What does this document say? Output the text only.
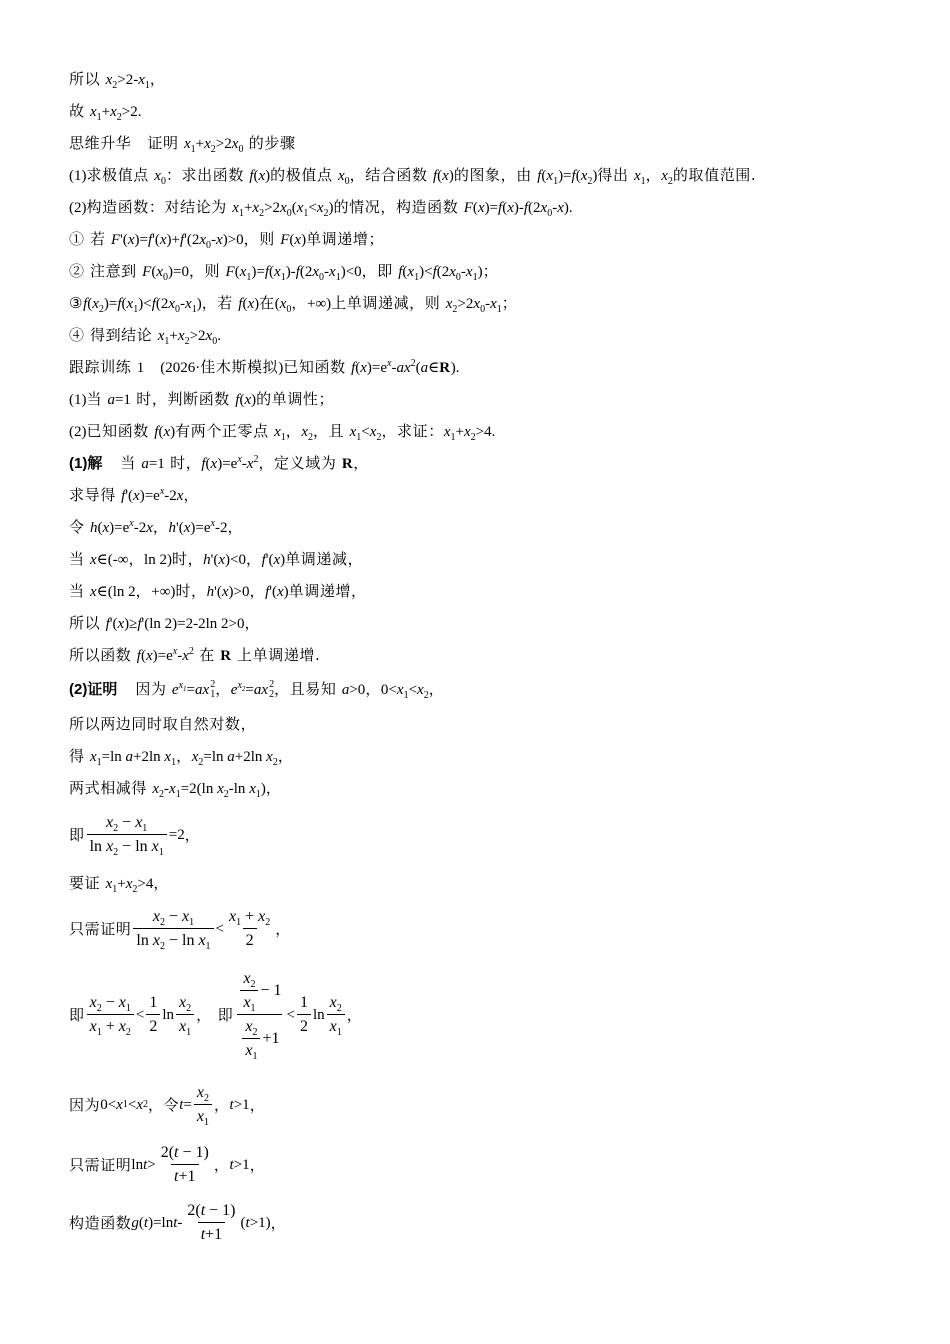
所以 $x_2>2-x_1$，
故 $x_1+x_2>2$.
思维升华 证明 $x_1+x_2>2x_0$ 的步骤
(1)求极值点 $x_0$：求出函数 f(x)的极值点 $x_0$，结合函数 f(x)的图象，由 $f(x_1)=f(x_2)$得出 $x_1$，$x_2$的取值范围.
(2)构造函数：对结论为 $x_1+x_2>2x_0(x_1<x_2)$的情况，构造函数 $F(x)=f(x)-f(2x_0-x)$.
① 若 $F'(x)=f'(x)+f'(2x_0-x)>0$，则 F(x)单调递增；
② 注意到 $F(x_0)=0$，则 $F(x_1)=f(x_1)-f(2x_0-x_1)<0$，即 $f(x_1)<f(2x_0-x_1)$；
$③f(x_2)=f(x_1)<f(2x_0-x_1)$，若 f(x)在($x_0$，+∞)上单调递减，则 $x_2>2x_0-x_1$；
④ 得到结论 $x_1+x_2>2x_0$.
跟踪训练 1 (2026·佳木斯模拟)已知函数 $f(x)=e^x-ax^2(a\in R)$.
(1)当 a=1 时，判断函数 f(x)的单调性；
(2)已知函数 f(x)有两个正零点 $x_1$，$x_2$，且 $x_1<x_2$，求证：$x_1+x_2>4$.
(1)解 当 a=1 时，$f(x)=e^x-x^2$，定义域为 R，
求导得 $f'(x)=e^x-2x$，
令 $h(x)=e^x-2x$，$h'(x)=e^x-2$，
当 x∈(-∞，ln 2)时，h'(x)<0，f'(x)单调递减，
当 x∈(ln 2，+∞)时，h'(x)>0，f'(x)单调递增，
所以 f'(x)≥f'(ln 2)=2-2ln 2>0，
所以函数 $f(x)=e^x-x^2$ 在 R 上单调递增.
(2)证明 因为 $e^{x_1}=ax$ 2
1 ，$e^{x_2}=ax$ 2
2 ，且易知 a>0，$0<x_1<x_2$，
所以两边同时取自然对数，
得 $x_1=\ln$ a+2ln $x_1$，$x_2=\ln$ a+2ln $x_2$，
两式相减得 $x_2-x_1=2(\ln$ $x_2-\ln$ $x_1$)，
即 $\frac{x_2 - x_1}{\ln x_2 - \ln x_1} =2$ ，
要证 $x_1+x_2>4$，
只需证明 $\frac{x_2 - x_1}{\ln x_2 - \ln x_1} < \frac{x_1 + x_2}{2}$ ，
即 $\frac{x_2 - x_1}{x_1 + x_2} < \frac{1}{2}$ $\ln \frac{x_2}{x_1}$ ， 即 $\frac{\frac{x_2}{x_1} - 1}{\frac{x_2}{x_1} +1} < \frac{1}{2}$ $\ln \frac{x_2}{x_1}$ ，
因为 0< x 1 < x 2 ，令 $t = \frac{x_2}{x_1}$ ， t >1 ，
只需证明 $\ln t > \frac{2(t - 1)}{t+1}$ ， t >1 ，
构造函数 g ( t )=ln t - $\frac{2(t - 1)}{t+1}$ ( t >1) ，
